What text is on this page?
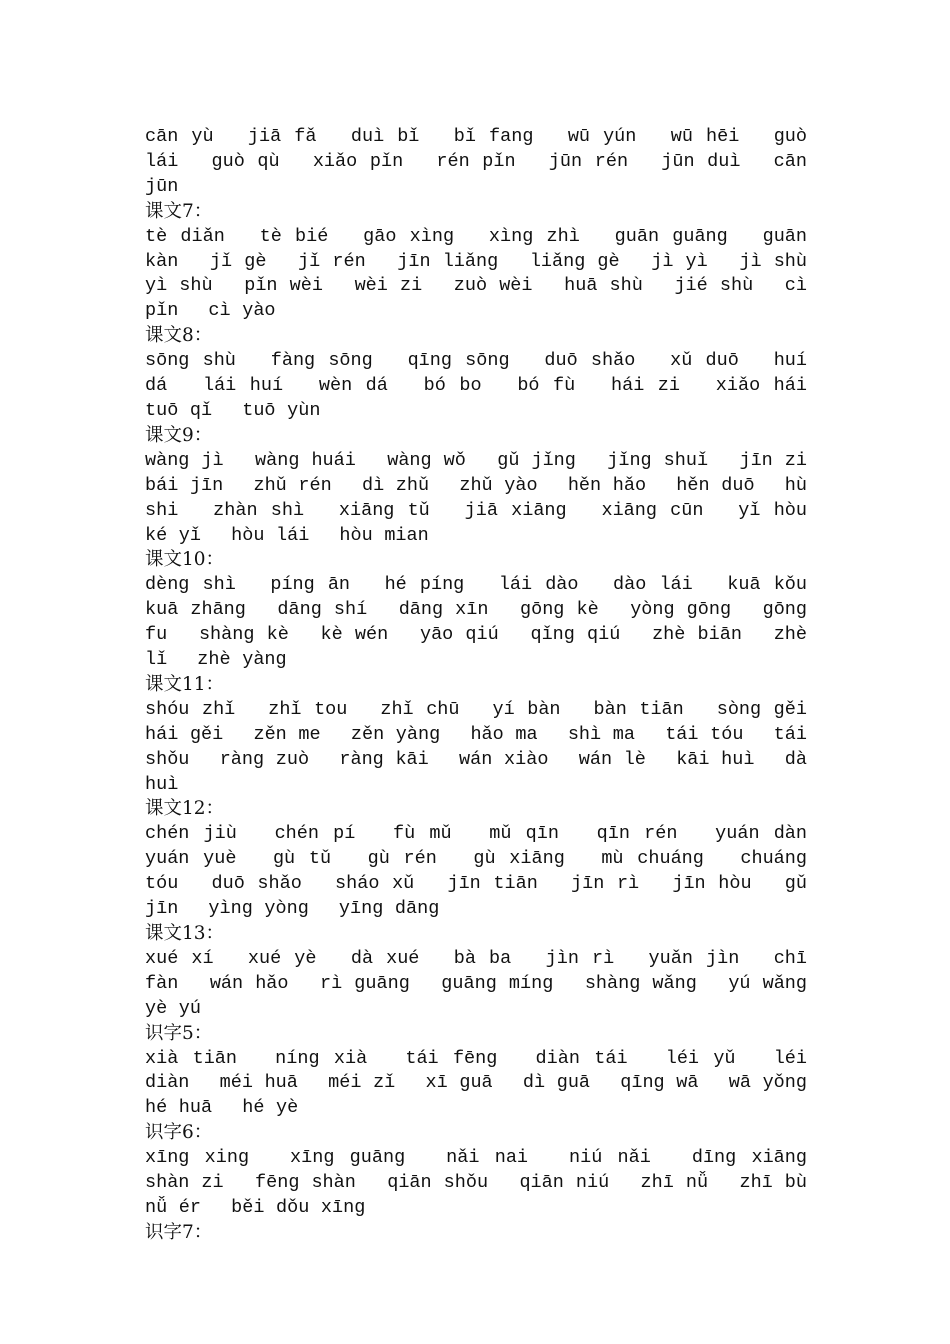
cān yù　 jiā fǎ　 duì bǐ　 bǐ fang　 wū yún　 wū hēi　 guò lái　 guò qù　 xiǎo pǐn　 rén pǐn　 jūn rén　 jūn duì　 cān jūn
课文7：
tè diǎn　 tè bié　 gāo xìng　 xìng zhì　 guān guāng　 guān kàn　 jǐ gè　 jǐ rén　 jīn liǎng　 liǎng gè　 jì yì　 jì shù　 yì shù　 pǐn wèi　 wèi zi　 zuò wèi　 huā shù　 jié shù　 cì pǐn　 cì yào
课文8：
sōng shù　 fàng sōng　 qīng sōng　 duō shǎo　 xǔ duō　 huí dá　 lái huí　 wèn dá　 bó bo　 bó fù　 hái zi　 xiǎo hái　 tuō qǐ　 tuō yùn
课文9：
wàng jì　 wàng huái　 wàng wǒ　 gǔ jǐng　 jǐng shuǐ　 jīn zi　 bái jīn　 zhǔ rén　 dì zhǔ　 zhǔ yào　 hěn hǎo　 hěn duō　 hù shi　 zhàn shì　 xiāng tǔ　 jiā xiāng　 xiāng cūn　 yǐ hòu　 ké yǐ　 hòu lái　 hòu mian
课文10：
dèng shì　 píng ān　 hé píng　 lái dào　 dào lái　 kuā kǒu　 kuā zhāng　 dāng shí　 dāng xīn　 gōng kè　 yòng gōng　 gōng fu　 shàng kè　 kè wén　 yāo qiú　 qǐng qiú　 zhè biān　 zhè lǐ　 zhè yàng
课文11：
shóu zhǐ　 zhǐ tou　 zhǐ chū　 yí bàn　 bàn tiān　 sòng gěi　 hái gěi　 zěn me　 zěn yàng　 hǎo ma　 shì ma　 tái tóu　 tái shǒu　 ràng zuò　 ràng kāi　 wán xiào　 wán lè　 kāi huì　 dà huì
课文12：
chén jiù　 chén pí　 fù mǔ　 mǔ qīn　 qīn rén　 yuán dàn　 yuán yuè　 gù tǔ　 gù rén　 gù xiāng　 mù chuáng　 chuáng tóu　 duō shǎo　 sháo xǔ　 jīn tiān　 jīn rì　 jīn hòu　 gǔ jīn　 yìng yòng　 yīng dāng
课文13：
xué xí　 xué yè　 dà xué　 bà ba　 jìn rì　 yuǎn jìn　 chī fàn　 wán hǎo　 rì guāng　 guāng míng　 shàng wǎng　 yú wǎng　 yè yú
识字5：
xià tiān　 níng xià　 tái fēng　 diàn tái　 léi yǔ　 léi diàn　 méi huā　 méi zǐ　 xī guā　 dì guā　 qīng wā　 wā yǒng　 hé huā　 hé yè
识字6：
xīng xing　 xīng guāng　 nǎi nai　 niú nǎi　 dīng xiāng　 shàn zi　 fēng shàn　 qiān shǒu　 qiān niú　 zhī nǚ　 zhī bù　 nǚ ér　 běi dǒu xīng
识字7：
